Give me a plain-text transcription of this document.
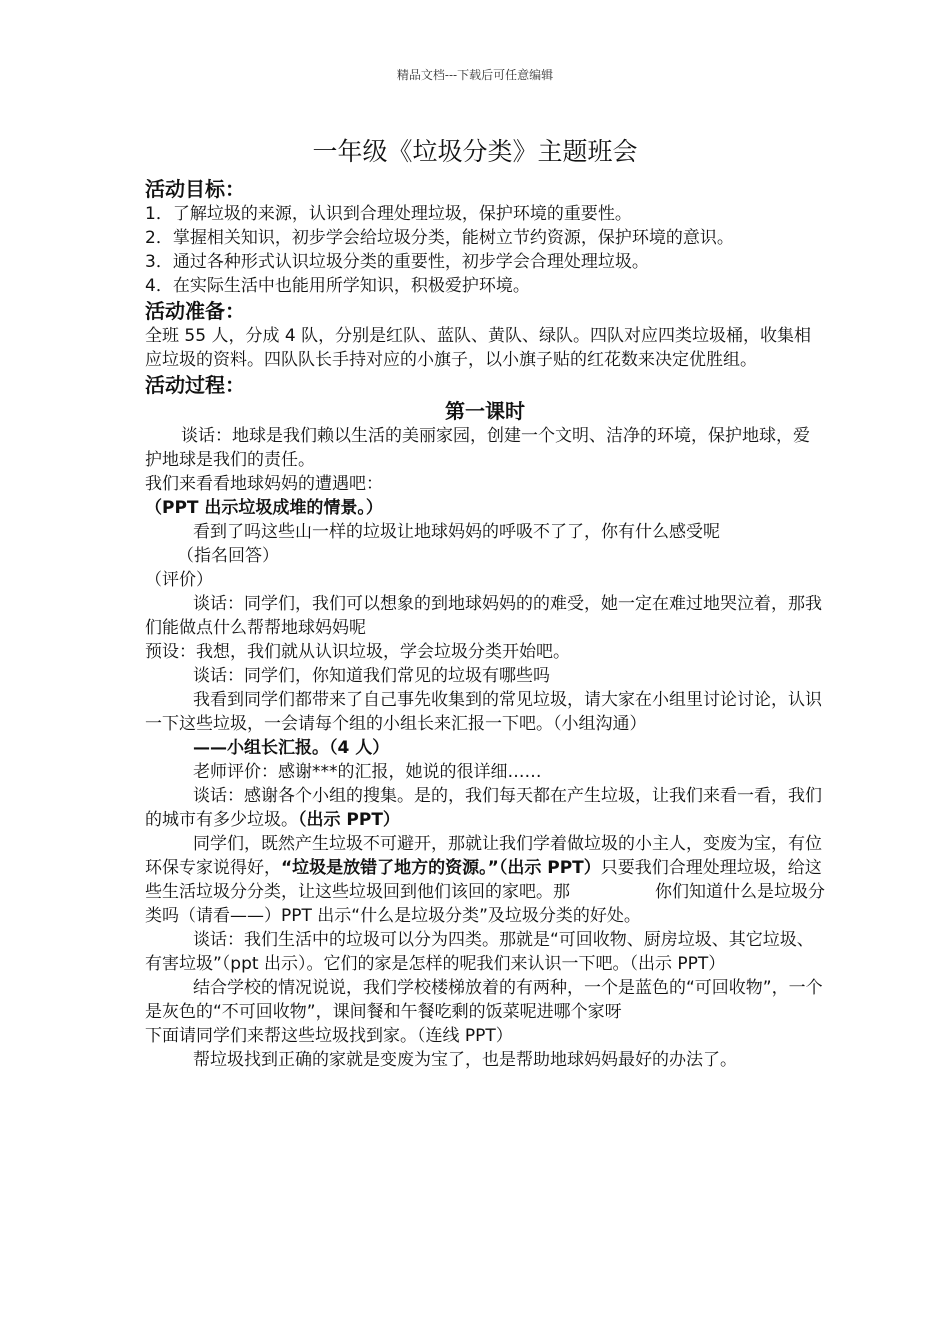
精品文档---下载后可任意编辑
一年级《垃圾分类》主题班会
活动目标：

1．了解垃圾的来源，认识到合理处理垃圾，保护环境的重要性。

2．掌握相关知识，初步学会给垃圾分类，能树立节约资源，保护环境的意识。

3．通过各种形式认识垃圾分类的重要性，初步学会合理处理垃圾。

4．在实际生活中也能用所学知识，积极爱护环境。

活动准备：

全班 55 人，分成 4 队，分别是红队、蓝队、黄队、绿队。四队对应四类垃圾桶，收集相应垃圾的资料。四队队长手持对应的小旗子，以小旗子贴的红花数来决定优胜组。

活动过程：
第一课时

谈话：地球是我们赖以生活的美丽家园，创建一个文明、洁净的环境，保护地球，爱护地球是我们的责任。

我们来看看地球妈妈的遭遇吧：

（PPT 出示垃圾成堆的情景。）

看到了吗这些山一样的垃圾让地球妈妈的呼吸不了了，你有什么感受呢

（指名回答）

（评价）

谈话：同学们，我们可以想象的到地球妈妈的的难受，她一定在难过地哭泣着，那我们能做点什么帮帮地球妈妈呢

预设：我想，我们就从认识垃圾，学会垃圾分类开始吧。

谈话：同学们，你知道我们常见的垃圾有哪些吗

我看到同学们都带来了自己事先收集到的常见垃圾，请大家在小组里讨论讨论，认识一下这些垃圾，一会请每个组的小组长来汇报一下吧。（小组沟通）

——小组长汇报。（4 人）

老师评价：感谢***的汇报，她说的很详细……

谈话：感谢各个小组的搜集。是的，我们每天都在产生垃圾，让我们来看一看，我们的城市有多少垃圾。（出示 PPT）

同学们，既然产生垃圾不可避开，那就让我们学着做垃圾的小主人，变废为宝，有位环保专家说得好，“垃圾是放错了地方的资源。”（出示 PPT）只要我们合理处理垃圾，给这些生活垃圾分分类，让这些垃圾回到他们该回的家吧。那　　　　　你们知道什么是垃圾分类吗（请看——）PPT 出示“什么是垃圾分类”及垃圾分类的好处。

谈话：我们生活中的垃圾可以分为四类。那就是“可回收物、厨房垃圾、其它垃圾、有害垃圾”（ppt 出示）。它们的家是怎样的呢我们来认识一下吧。（出示 PPT）

结合学校的情况说说，我们学校楼梯放着的有两种，一个是蓝色的“可回收物”，一个是灰色的“不可回收物”，课间餐和午餐吃剩的饭菜呢进哪个家呀

下面请同学们来帮这些垃圾找到家。（连线 PPT）

帮垃圾找到正确的家就是变废为宝了，也是帮助地球妈妈最好的办法了。
